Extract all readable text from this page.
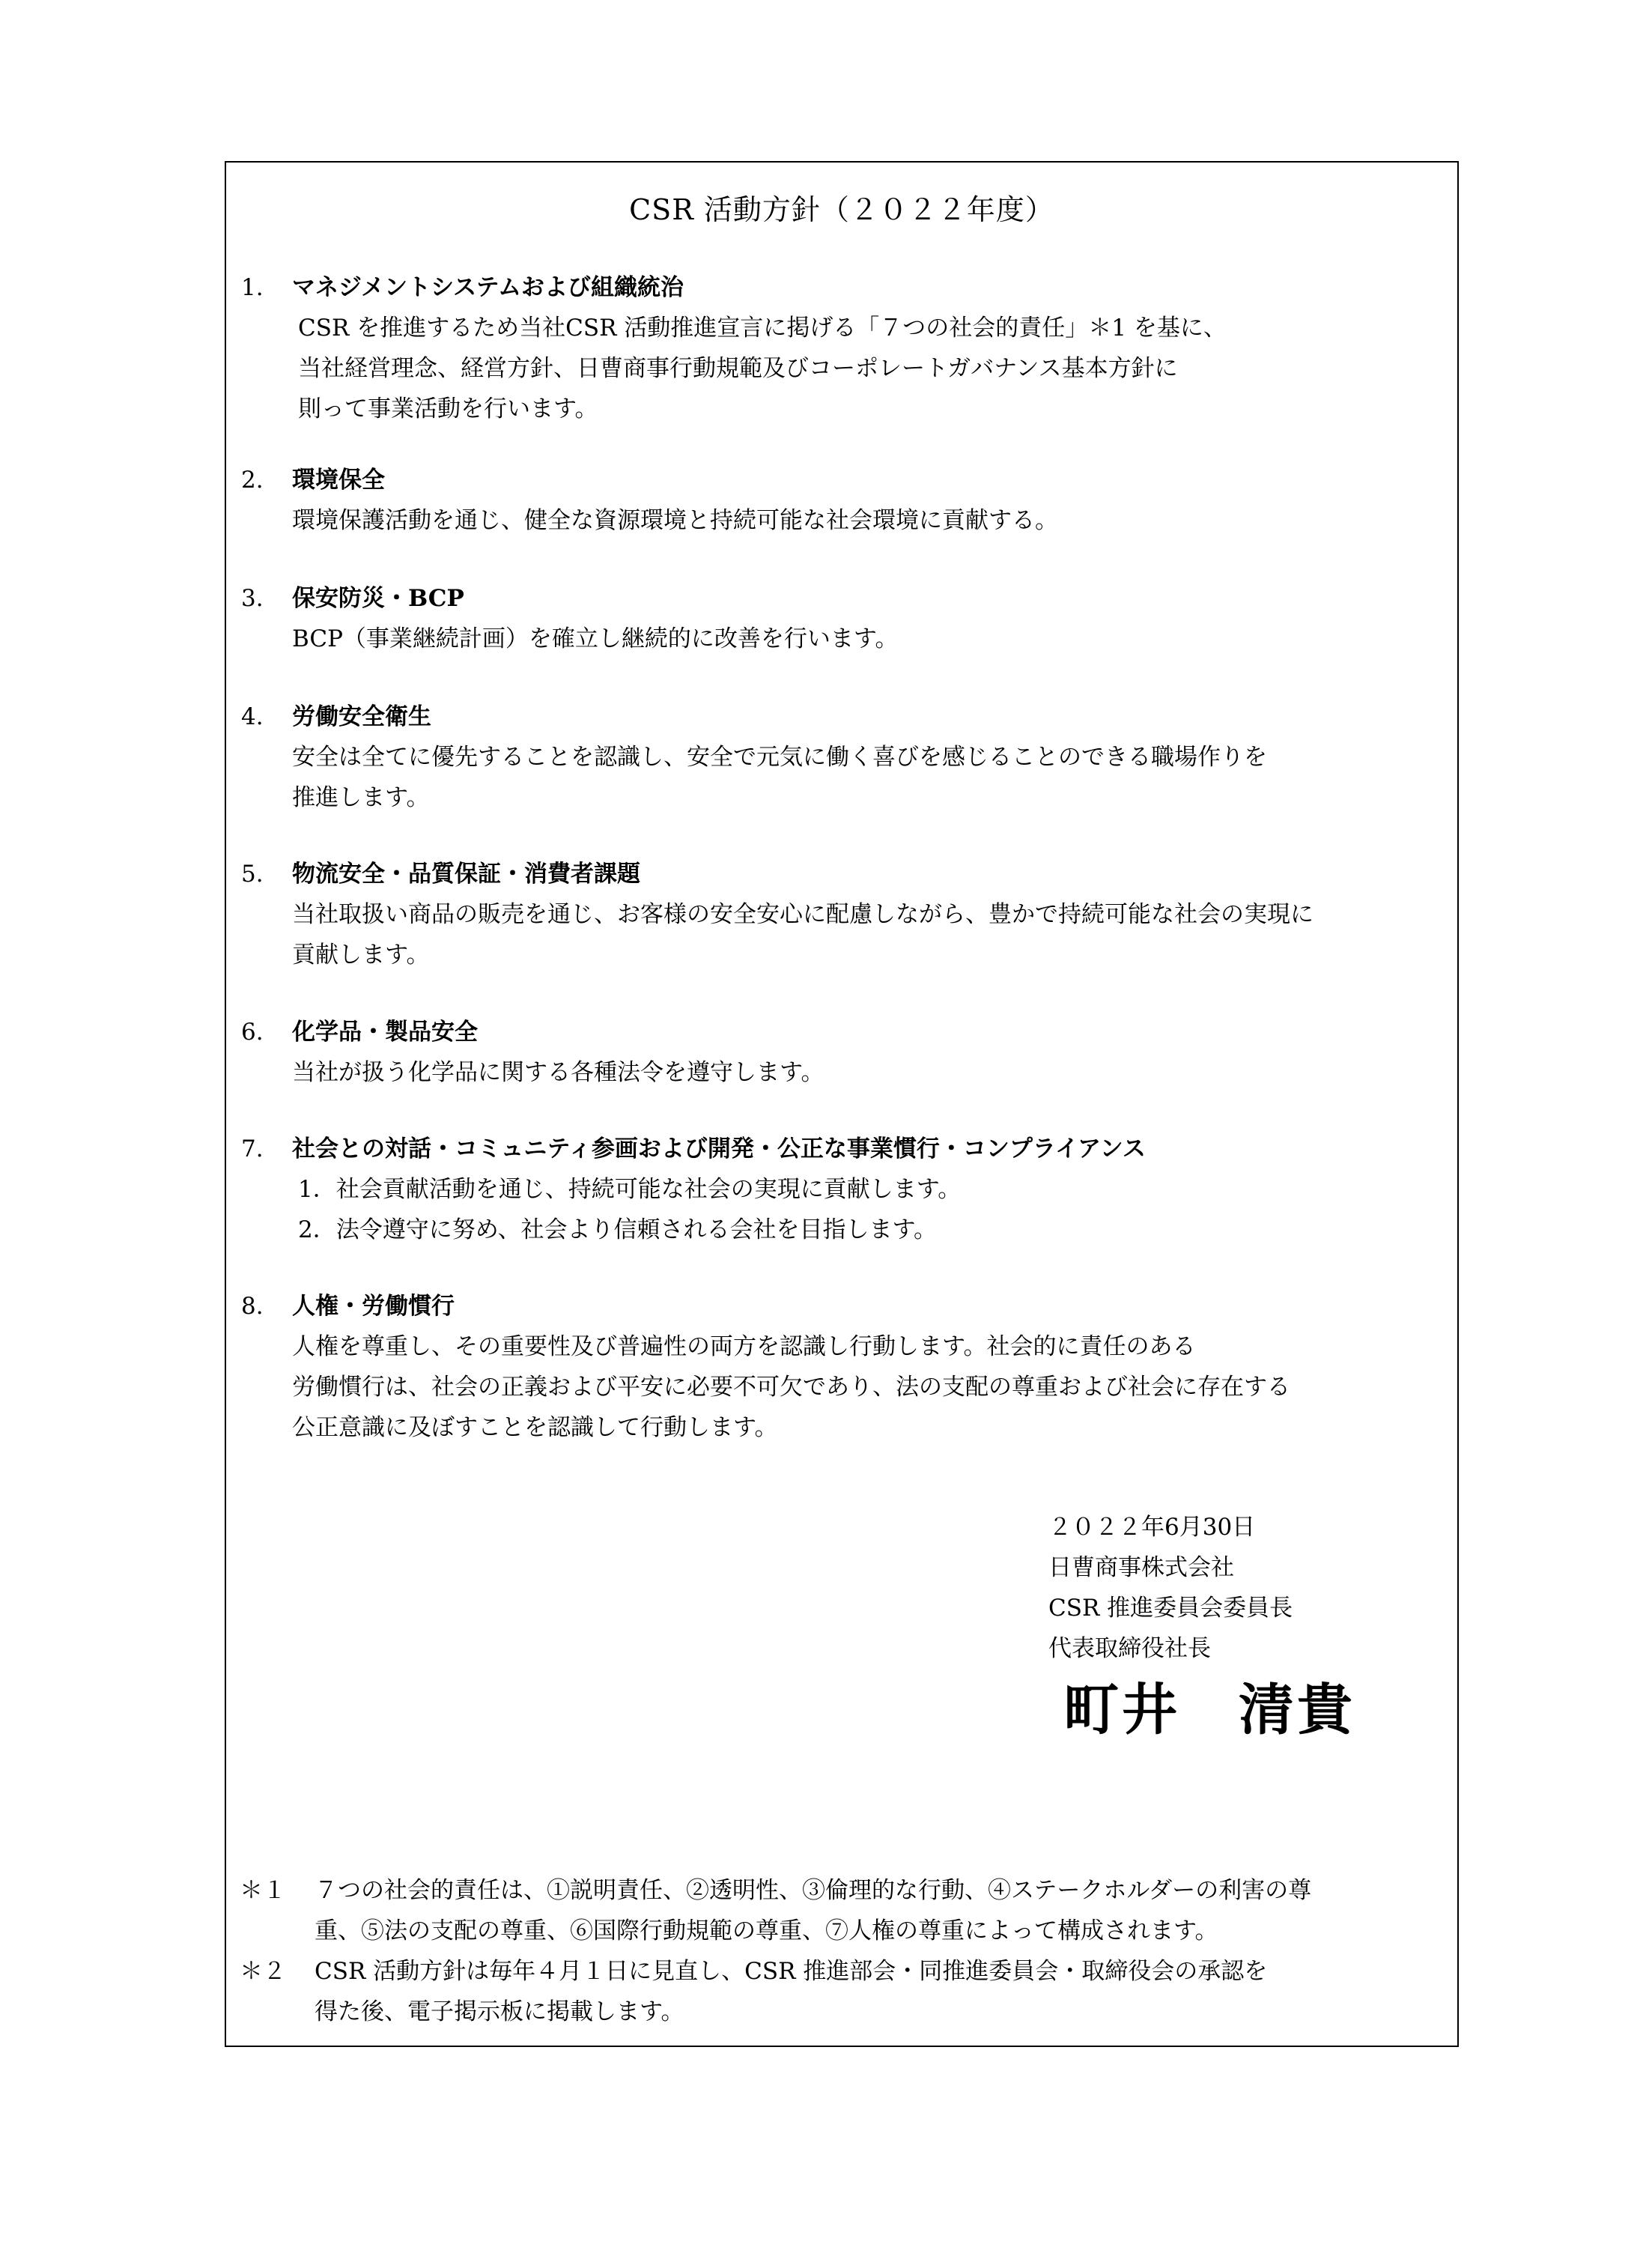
CSR 活動方針（２０２２年度）
1. マネジメントシステムおよび組織統治
CSR を推進するため当社CSR 活動推進宣言に掲げる「７つの社会的責任」＊1 を基に、
当社経営理念、経営方針、日曹商事行動規範及びコーポレートガバナンス基本方針に
則って事業活動を行います。
2. 環境保全
環境保護活動を通じ、健全な資源環境と持続可能な社会環境に貢献する。
3. 保安防災・BCP
BCP（事業継続計画）を確立し継続的に改善を行います。
4. 労働安全衛生
安全は全てに優先することを認識し、安全で元気に働く喜びを感じることのできる職場作りを
推進します。
5. 物流安全・品質保証・消費者課題
当社取扱い商品の販売を通じ、お客様の安全安心に配慮しながら、豊かで持続可能な社会の実現に
貢献します。
6. 化学品・製品安全
当社が扱う化学品に関する各種法令を遵守します。
7. 社会との対話・コミュニティ参画および開発・公正な事業慣行・コンプライアンス
1．社会貢献活動を通じ、持続可能な社会の実現に貢献します。
2．法令遵守に努め、社会より信頼される会社を目指します。
8. 人権・労働慣行
人権を尊重し、その重要性及び普遍性の両方を認識し行動します。社会的に責任のある
労働慣行は、社会の正義および平安に必要不可欠であり、法の支配の尊重および社会に存在する
公正意識に及ぼすことを認識して行動します。
２０２２年6月30日
日曹商事株式会社
CSR 推進委員会委員長
代表取締役社長
町井　清貴
＊１ ７つの社会的責任は、①説明責任、②透明性、③倫理的な行動、④ステークホルダーの利害の尊
重、⑤法の支配の尊重、⑥国際行動規範の尊重、⑦人権の尊重によって構成されます。
＊２ CSR 活動方針は毎年４月１日に見直し、CSR 推進部会・同推進委員会・取締役会の承認を
得た後、電子掲示板に掲載します。
